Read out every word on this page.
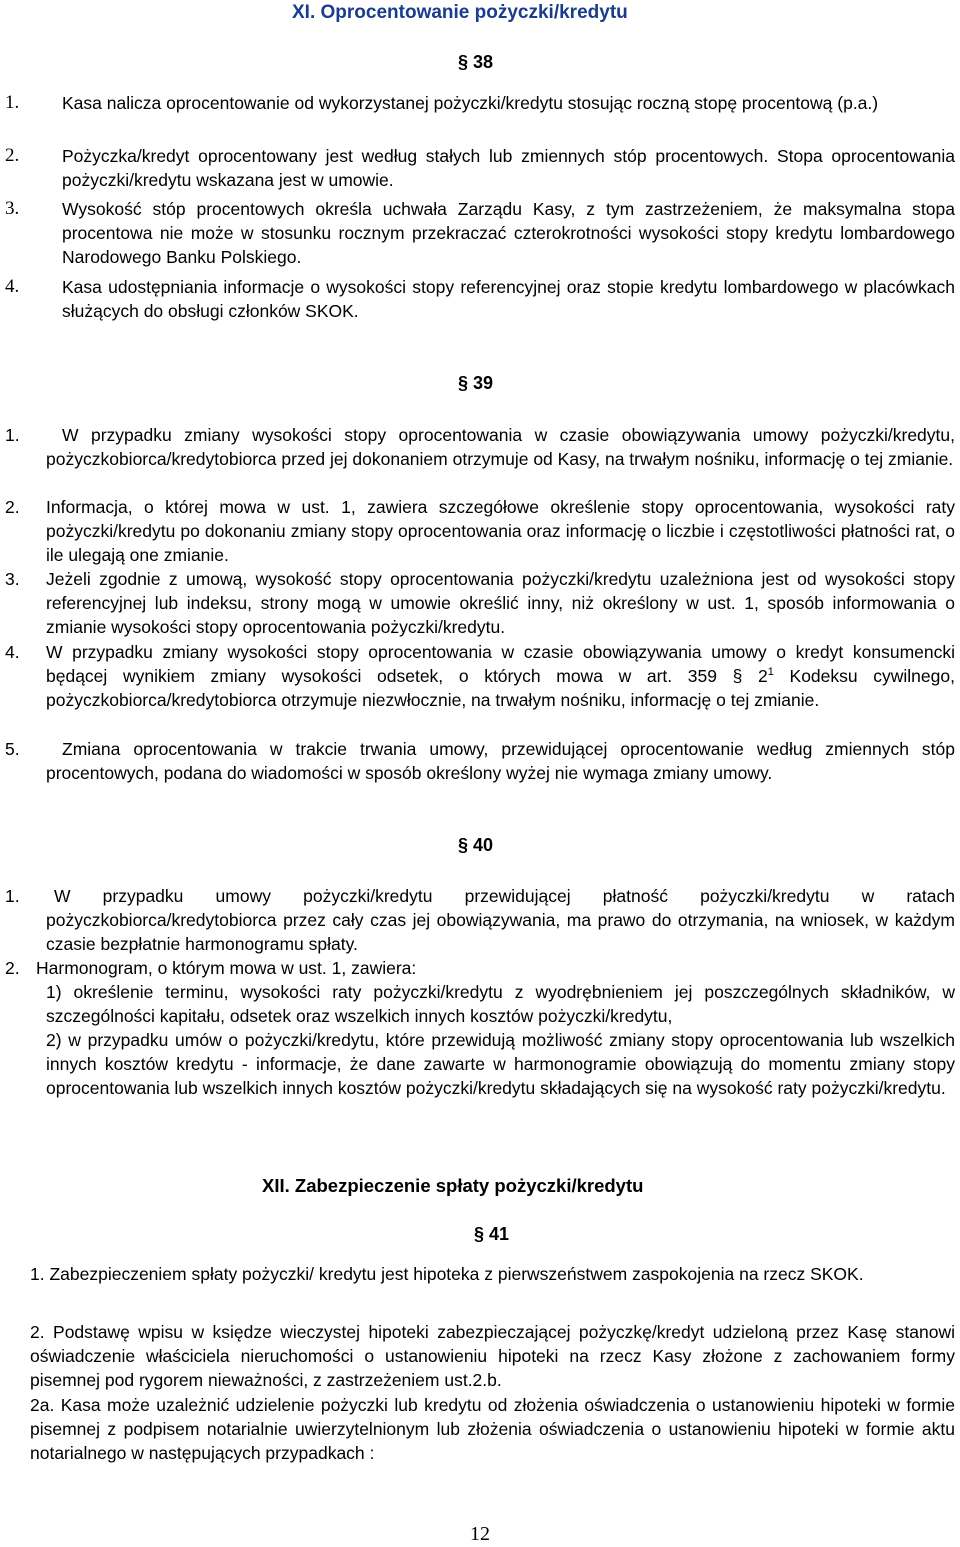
XI. Oprocentowanie pożyczki/kredytu
§ 38
1. Kasa nalicza oprocentowanie od wykorzystanej pożyczki/kredytu stosując roczną stopę procentową (p.a.)
2. Pożyczka/kredyt oprocentowany jest według stałych lub zmiennych stóp procentowych. Stopa oprocentowania pożyczki/kredytu wskazana jest w umowie.
3. Wysokość stóp procentowych określa uchwała Zarządu Kasy, z tym zastrzeżeniem, że maksymalna stopa procentowa nie może w stosunku rocznym przekraczać czterokrotności wysokości stopy kredytu lombardowego Narodowego Banku Polskiego.
4. Kasa udostępniania informacje o wysokości stopy referencyjnej oraz stopie kredytu lombardowego w placówkach służących do obsługi członków SKOK.
§ 39
1.	W przypadku zmiany wysokości stopy oprocentowania w czasie obowiązywania umowy pożyczki/kredytu, pożyczkobiorca/kredytobiorca przed jej dokonaniem otrzymuje od Kasy, na trwałym nośniku, informację o tej zmianie.
2. Informacja, o której mowa w ust. 1, zawiera szczegółowe określenie stopy oprocentowania, wysokości raty pożyczki/kredytu po dokonaniu zmiany stopy oprocentowania oraz informację o liczbie i częstotliwości płatności rat, o ile ulegają one zmianie.
3. Jeżeli zgodnie z umową, wysokość stopy oprocentowania pożyczki/kredytu uzależniona jest od wysokości stopy referencyjnej lub indeksu, strony mogą w umowie określić inny, niż określony w ust. 1, sposób informowania o zmianie wysokości stopy oprocentowania pożyczki/kredytu.
4. W przypadku zmiany wysokości stopy oprocentowania w czasie obowiązywania umowy o kredyt konsumencki będącej wynikiem zmiany wysokości odsetek, o których mowa w art. 359 § $2^1$ Kodeksu cywilnego, pożyczkobiorca/kredytobiorca otrzymuje niezwłocznie, na trwałym nośniku, informację o tej zmianie.
5.	Zmiana oprocentowania w trakcie trwania umowy, przewidującej oprocentowanie według zmiennych stóp procentowych, podana do wiadomości w sposób określony wyżej nie wymaga zmiany umowy.
§ 40
1.	W przypadku umowy pożyczki/kredytu przewidującej płatność pożyczki/kredytu w ratach pożyczkobiorca/kredytobiorca przez cały czas jej obowiązywania, ma prawo do otrzymania, na wniosek, w każdym czasie bezpłatnie harmonogramu spłaty.
2. Harmonogram, o którym mowa w ust. 1, zawiera:
1) określenie terminu, wysokości raty pożyczki/kredytu z wyodrębnieniem jej poszczególnych składników, w szczególności kapitału, odsetek oraz wszelkich innych kosztów pożyczki/kredytu,
2) w przypadku umów o pożyczki/kredytu, które przewidują możliwość zmiany stopy oprocentowania lub wszelkich innych kosztów kredytu - informacje, że dane zawarte w harmonogramie obowiązują do momentu zmiany stopy oprocentowania lub wszelkich innych kosztów pożyczki/kredytu składających się na wysokość raty pożyczki/kredytu.
XII. Zabezpieczenie spłaty pożyczki/kredytu
§ 41
1. Zabezpieczeniem spłaty pożyczki/ kredytu jest hipoteka z pierwszeństwem zaspokojenia na rzecz SKOK.
2. Podstawę wpisu w księdze wieczystej hipoteki zabezpieczającej pożyczkę/kredyt udzieloną przez Kasę stanowi oświadczenie właściciela nieruchomości o ustanowieniu hipoteki na rzecz Kasy złożone z zachowaniem formy pisemnej pod rygorem nieważności, z zastrzeżeniem ust.2.b.
2a. Kasa może uzależnić udzielenie pożyczki lub kredytu od złożenia oświadczenia o ustanowieniu hipoteki w formie pisemnej z podpisem notarialnie uwierzytelnionym lub złożenia oświadczenia o ustanowieniu hipoteki w formie aktu notarialnego w następujących przypadkach :
12
